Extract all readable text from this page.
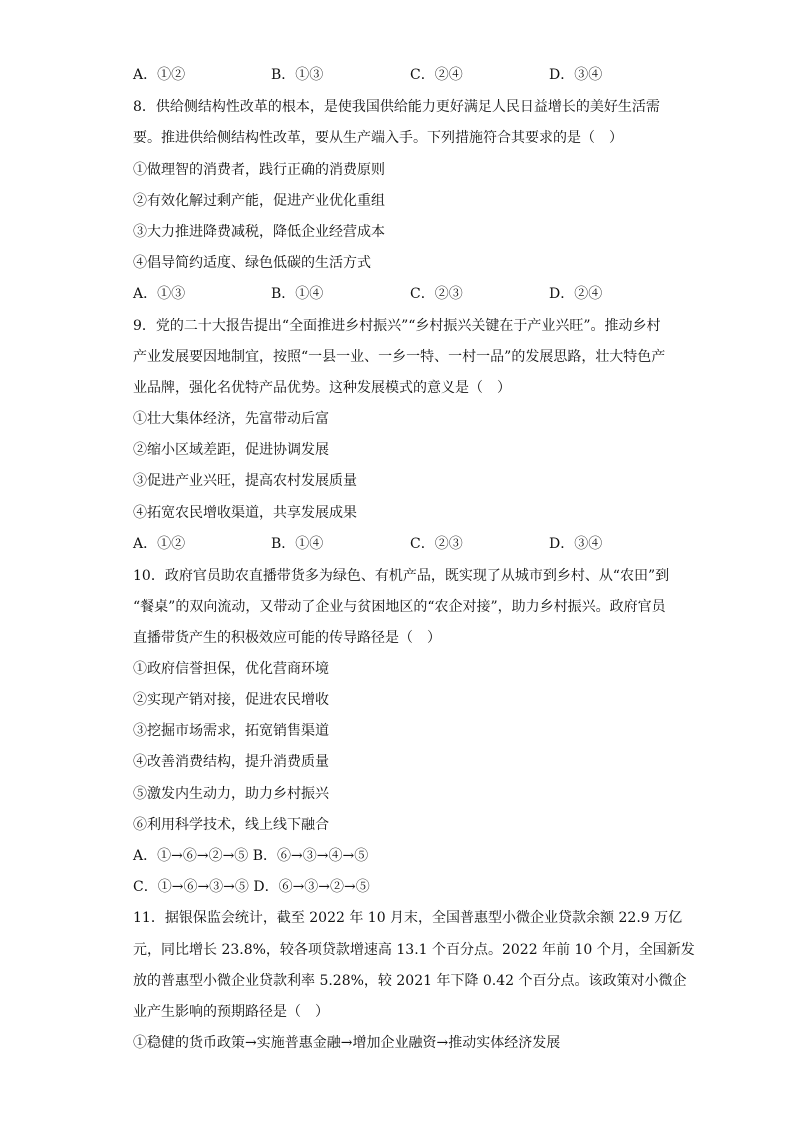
A．①②	B．①③	C．②④	D．③④
8．供给侧结构性改革的根本，是使我国供给能力更好满足人民日益增长的美好生活需
要。推进供给侧结构性改革，要从生产端入手。下列措施符合其要求的是（　）
①做理智的消费者，践行正确的消费原则
②有效化解过剩产能，促进产业优化重组
③大力推进降费减税，降低企业经营成本
④倡导简约适度、绿色低碳的生活方式
A．①③	B．①④	C．②③	D．②④
9．党的二十大报告提出“全面推进乡村振兴”“乡村振兴关键在于产业兴旺”。推动乡村
产业发展要因地制宜，按照“一县一业、一乡一特、一村一品”的发展思路，壮大特色产
业品牌，强化名优特产品优势。这种发展模式的意义是（　）
①壮大集体经济，先富带动后富
②缩小区域差距，促进协调发展
③促进产业兴旺，提高农村发展质量
④拓宽农民增收渠道，共享发展成果
A．①②	B．①④	C．②③	D．③④
10．政府官员助农直播带货多为绿色、有机产品，既实现了从城市到乡村、从“农田”到
“餐桌”的双向流动，又带动了企业与贫困地区的“农企对接”，助力乡村振兴。政府官员
直播带货产生的积极效应可能的传导路径是（　）
①政府信誉担保，优化营商环境
②实现产销对接，促进农民增收
③挖掘市场需求，拓宽销售渠道
④改善消费结构，提升消费质量
⑤激发内生动力，助力乡村振兴
⑥利用科学技术，线上线下融合
A．①→⑥→②→⑤ B．⑥→③→④→⑤
C．①→⑥→③→⑤ D．⑥→③→②→⑤
11．据银保监会统计，截至 2022 年 10 月末，全国普惠型小微企业贷款余额 22.9 万亿
元，同比增长 23.8%，较各项贷款增速高 13.1 个百分点。2022 年前 10 个月，全国新发
放的普惠型小微企业贷款利率 5.28%，较 2021 年下降 0.42 个百分点。该政策对小微企
业产生影响的预期路径是（　）
①稳健的货币政策→实施普惠金融→增加企业融资→推动实体经济发展
